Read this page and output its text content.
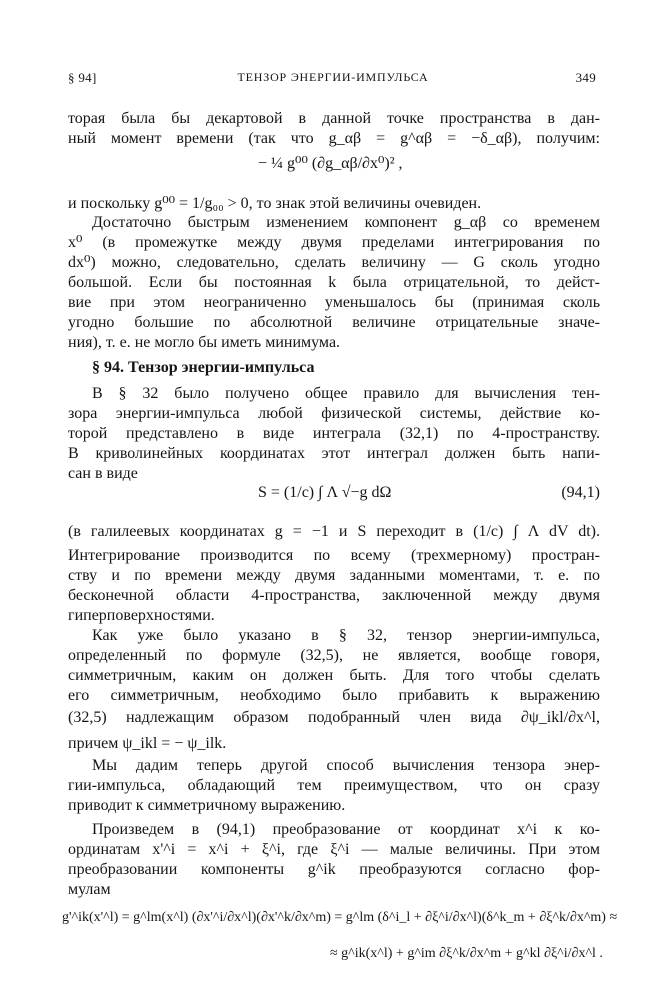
§ 94]	ТЕНЗОР ЭНЕРГИИ-ИМПУЛЬСА	349
торая была бы декартовой в данной точке пространства в дан-
ный момент времени (так что g_αβ = g^αβ = −δ_αβ), получим:
− ¼ g⁰⁰ (∂g_αβ/∂x⁰)² ,
и поскольку g⁰⁰ = 1/g₀₀ > 0, то знак этой величины очевиден.
Достаточно быстрым изменением компонент g_αβ со временем
x⁰ (в промежутке между двумя пределами интегрирования по
dx⁰) можно, следовательно, сделать величину — G сколь угодно
большой. Если бы постоянная k была отрицательной, то дейст-
вие при этом неограниченно уменьшалось бы (принимая сколь
угодно большие по абсолютной величине отрицательные значе-
ния), т. е. не могло бы иметь минимума.
§ 94. Тензор энергии-импульса
В § 32 было получено общее правило для вычисления тен-
зора энергии-импульса любой физической системы, действие ко-
торой представлено в виде интеграла (32,1) по 4-пространству.
В криволинейных координатах этот интеграл должен быть напи-
сан в виде
S = (1/c) ∫ Λ √−g dΩ	(94,1)
(в галилеевых координатах g = −1 и S переходит в (1/c) ∫ Λ dV dt).
Интегрирование производится по всему (трехмерному) простран-
ству и по времени между двумя заданными моментами, т. е. по
бесконечной области 4-пространства, заключенной между двумя
гиперповерхностями.
Как уже было указано в § 32, тензор энергии-импульса,
определенный по формуле (32,5), не является, вообще говоря,
симметричным, каким он должен быть. Для того чтобы сделать
его симметричным, необходимо было прибавить к выражению
(32,5) надлежащим образом подобранный член вида ∂ψ_ikl/∂x^l,
причем ψ_ikl = − ψ_ilk.
Мы дадим теперь другой способ вычисления тензора энер-
гии-импульса, обладающий тем преимуществом, что он сразу
приводит к симметричному выражению.
Произведем в (94,1) преобразование от координат x^i к ко-
ординатам x'^i = x^i + ξ^i, где ξ^i — малые величины. При этом
преобразовании компоненты g^ik преобразуются согласно фор-
мулам
g'^ik(x'^l) = g^lm(x^l) (∂x'^i/∂x^l)(∂x'^k/∂x^m) = g^lm (δ^i_l + ∂ξ^i/∂x^l)(δ^k_m + ∂ξ^k/∂x^m) ≈
≈ g^ik(x^l) + g^im ∂ξ^k/∂x^m + g^kl ∂ξ^i/∂x^l .
